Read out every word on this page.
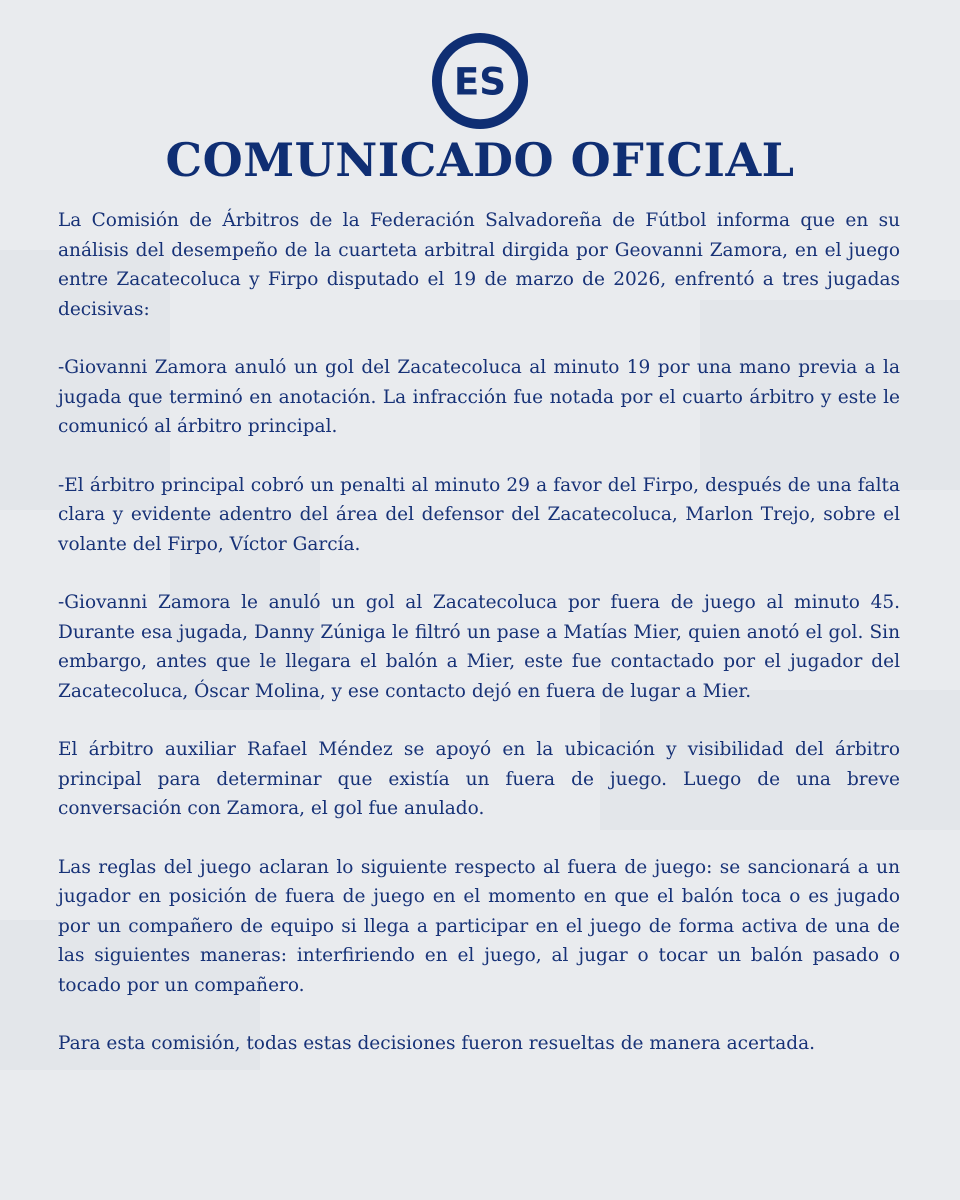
ES
COMUNICADO OFICIAL

La Comisión de Árbitros de la Federación Salvadoreña de Fútbol informa que en su análisis del desempeño de la cuarteta arbitral dirgida por Geovanni Zamora, en el juego entre Zacatecoluca y Firpo disputado el 19 de marzo de 2026, enfrentó a tres jugadas decisivas:

-Giovanni Zamora anuló un gol del Zacatecoluca al minuto 19 por una mano previa a la jugada que terminó en anotación. La infracción fue notada por el cuarto árbitro y este le comunicó al árbitro principal.

-El árbitro principal cobró un penalti al minuto 29 a favor del Firpo, después de una falta clara y evidente adentro del área del defensor del Zacatecoluca, Marlon Trejo, sobre el volante del Firpo, Víctor García.

-Giovanni Zamora le anuló un gol al Zacatecoluca por fuera de juego al minuto 45. Durante esa jugada, Danny Zúniga le filtró un pase a Matías Mier, quien anotó el gol. Sin embargo, antes que le llegara el balón a Mier, este fue contactado por el jugador del Zacatecoluca, Óscar Molina, y ese contacto dejó en fuera de lugar a Mier.

El árbitro auxiliar Rafael Méndez se apoyó en la ubicación y visibilidad del árbitro principal para determinar que existía un fuera de juego. Luego de una breve conversación con Zamora, el gol fue anulado.

Las reglas del juego aclaran lo siguiente respecto al fuera de juego: se sancionará a un jugador en posición de fuera de juego en el momento en que el balón toca o es jugado por un compañero de equipo si llega a participar en el juego de forma activa de una de las siguientes maneras: interfiriendo en el juego, al jugar o tocar un balón pasado o tocado por un compañero.

Para esta comisión, todas estas decisiones fueron resueltas de manera acertada.
